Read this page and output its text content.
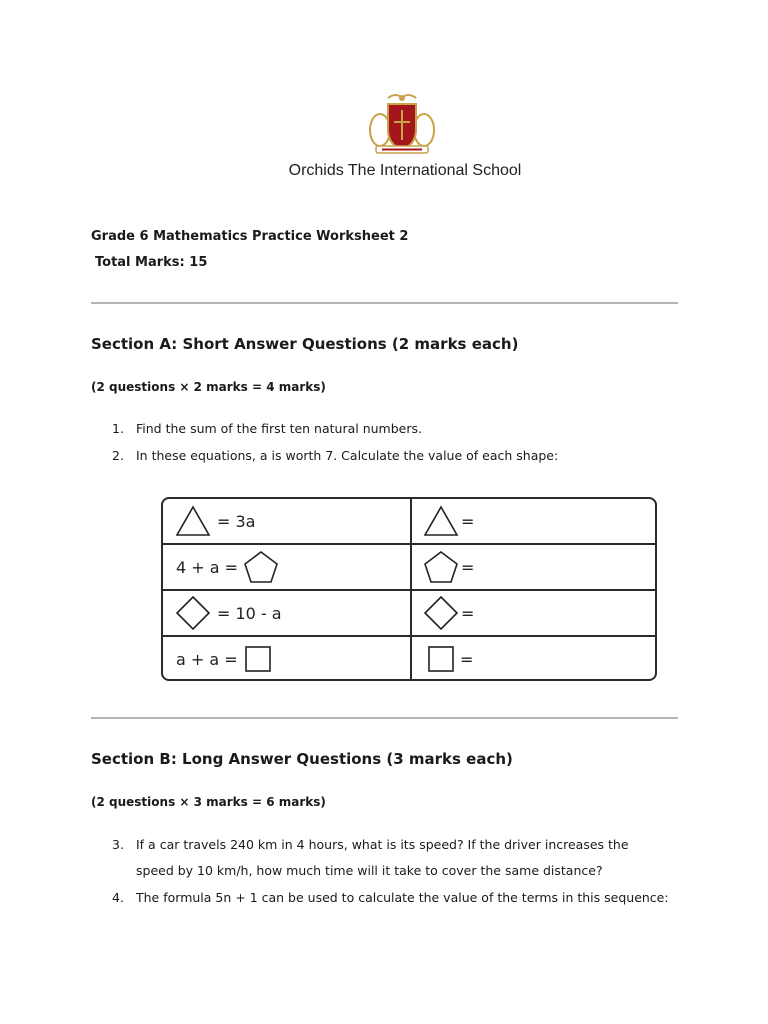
Orchids The International School
Grade 6 Mathematics Practice Worksheet 2
Total Marks: 15
Section A: Short Answer Questions (2 marks each)
(2 questions × 2 marks = 4 marks)
1. Find the sum of the first ten natural numbers.
2. In these equations, a is worth 7. Calculate the value of each shape:
= 3a	=
4 + a =	=
= 10 - a	=
a + a =	=
Section B: Long Answer Questions (3 marks each)
(2 questions × 3 marks = 6 marks)
3. If a car travels 240 km in 4 hours, what is its speed? If the driver increases the
speed by 10 km/h, how much time will it take to cover the same distance?
4. The formula 5n + 1 can be used to calculate the value of the terms in this sequence:
